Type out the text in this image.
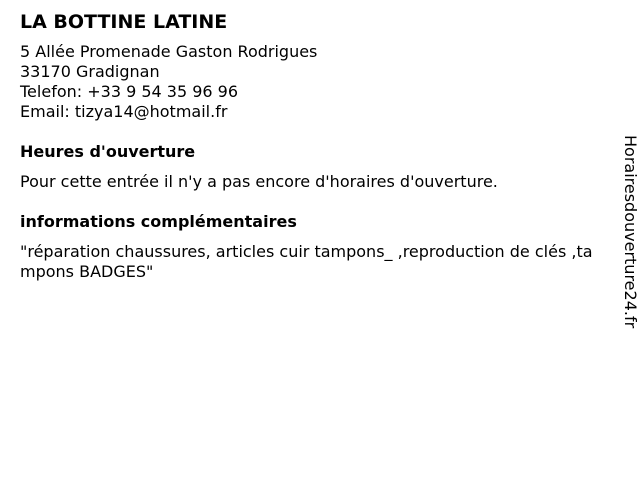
LA BOTTINE LATINE
5 Allée Promenade Gaston Rodrigues
33170 Gradignan
Telefon: +33 9 54 35 96 96
Email: tizya14@hotmail.fr
Heures d'ouverture
Pour cette entrée il n'y a pas encore d'horaires d'ouverture.
informations complémentaires
"réparation chaussures, articles cuir tampons_ ,reproduction de clés ,tampons BADGES"	Horairesdouverture24.fr
